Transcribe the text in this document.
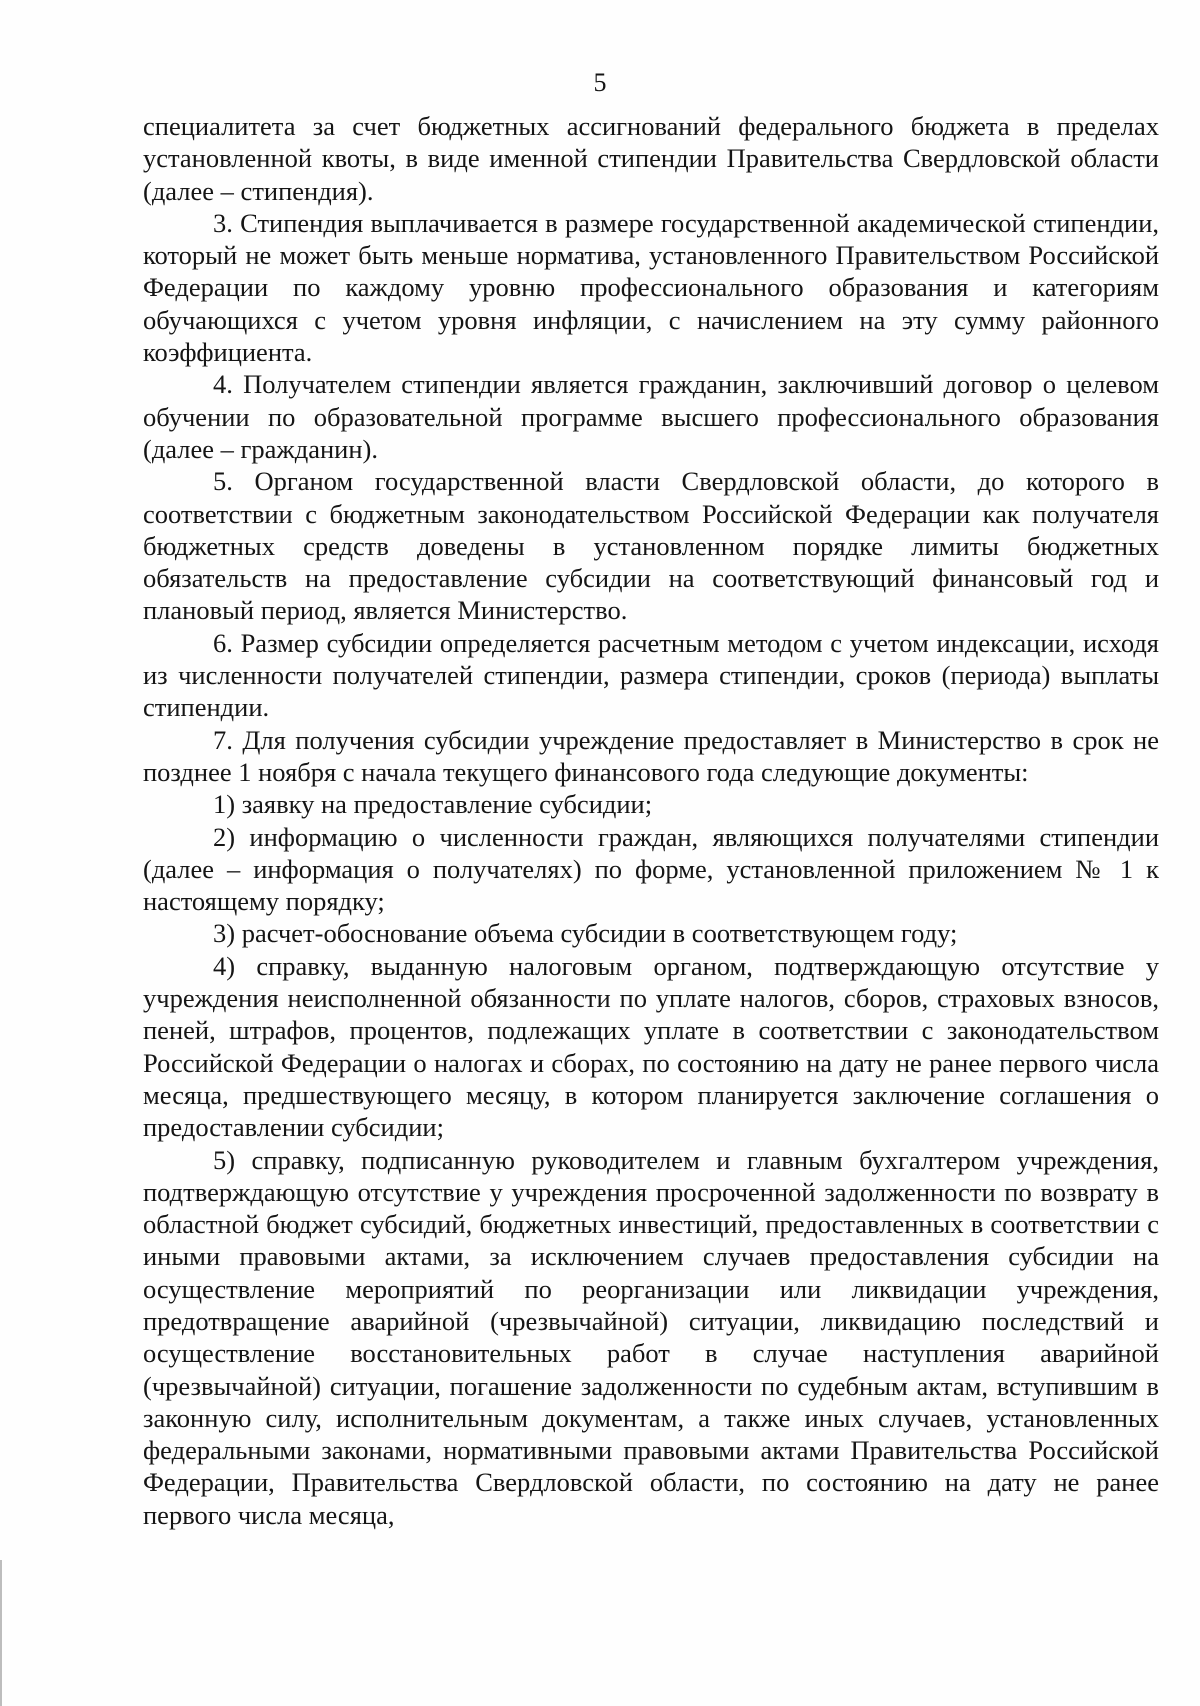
5

специалитета за счет бюджетных ассигнований федерального бюджета в пределах установленной квоты, в виде именной стипендии Правительства Свердловской области (далее – стипендия).

3. Стипендия выплачивается в размере государственной академической стипендии, который не может быть меньше норматива, установленного Правительством Российской Федерации по каждому уровню профессионального образования и категориям обучающихся с учетом уровня инфляции, с начислением на эту сумму районного коэффициента.

4. Получателем стипендии является гражданин, заключивший договор о целевом обучении по образовательной программе высшего профессионального образования (далее – гражданин).

5. Органом государственной власти Свердловской области, до которого в соответствии с бюджетным законодательством Российской Федерации как получателя бюджетных средств доведены в установленном порядке лимиты бюджетных обязательств на предоставление субсидии на соответствующий финансовый год и плановый период, является Министерство.

6. Размер субсидии определяется расчетным методом с учетом индексации, исходя из численности получателей стипендии, размера стипендии, сроков (периода) выплаты стипендии.

7. Для получения субсидии учреждение предоставляет в Министерство в срок не позднее 1 ноября с начала текущего финансового года следующие документы:

1) заявку на предоставление субсидии;

2) информацию о численности граждан, являющихся получателями стипендии (далее – информация о получателях) по форме, установленной приложением № 1 к настоящему порядку;

3) расчет-обоснование объема субсидии в соответствующем году;

4) справку, выданную налоговым органом, подтверждающую отсутствие у учреждения неисполненной обязанности по уплате налогов, сборов, страховых взносов, пеней, штрафов, процентов, подлежащих уплате в соответствии с законодательством Российской Федерации о налогах и сборах, по состоянию на дату не ранее первого числа месяца, предшествующего месяцу, в котором планируется заключение соглашения о предоставлении субсидии;

5) справку, подписанную руководителем и главным бухгалтером учреждения, подтверждающую отсутствие у учреждения просроченной задолженности по возврату в областной бюджет субсидий, бюджетных инвестиций, предоставленных в соответствии с иными правовыми актами, за исключением случаев предоставления субсидии на осуществление мероприятий по реорганизации или ликвидации учреждения, предотвращение аварийной (чрезвычайной) ситуации, ликвидацию последствий и осуществление восстановительных работ в случае наступления аварийной (чрезвычайной) ситуации, погашение задолженности по судебным актам, вступившим в законную силу, исполнительным документам, а также иных случаев, установленных федеральными законами, нормативными правовыми актами Правительства Российской Федерации, Правительства Свердловской области, по состоянию на дату не ранее первого числа месяца,
